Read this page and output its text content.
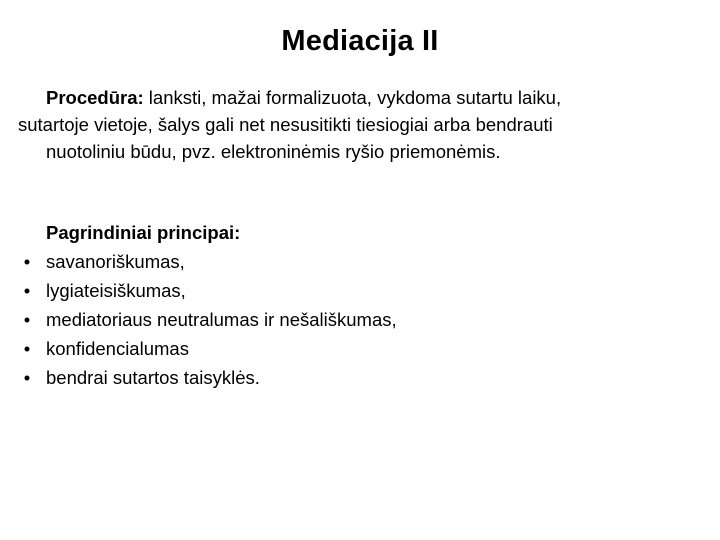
Mediacija II
Procedūra: lanksti, mažai formalizuota, vykdoma sutartu laiku,
sutartoje vietoje, šalys gali net nesusitikti tiesiogiai arba bendrauti
nuotoliniu būdu, pvz. elektroninėmis ryšio priemonėmis.
Pagrindiniai principai:
• savanoriškumas,
• lygiateisiškumas,
• mediatoriaus neutralumas ir nešališkumas,
• konfidencialumas
• bendrai sutartos taisyklės.
